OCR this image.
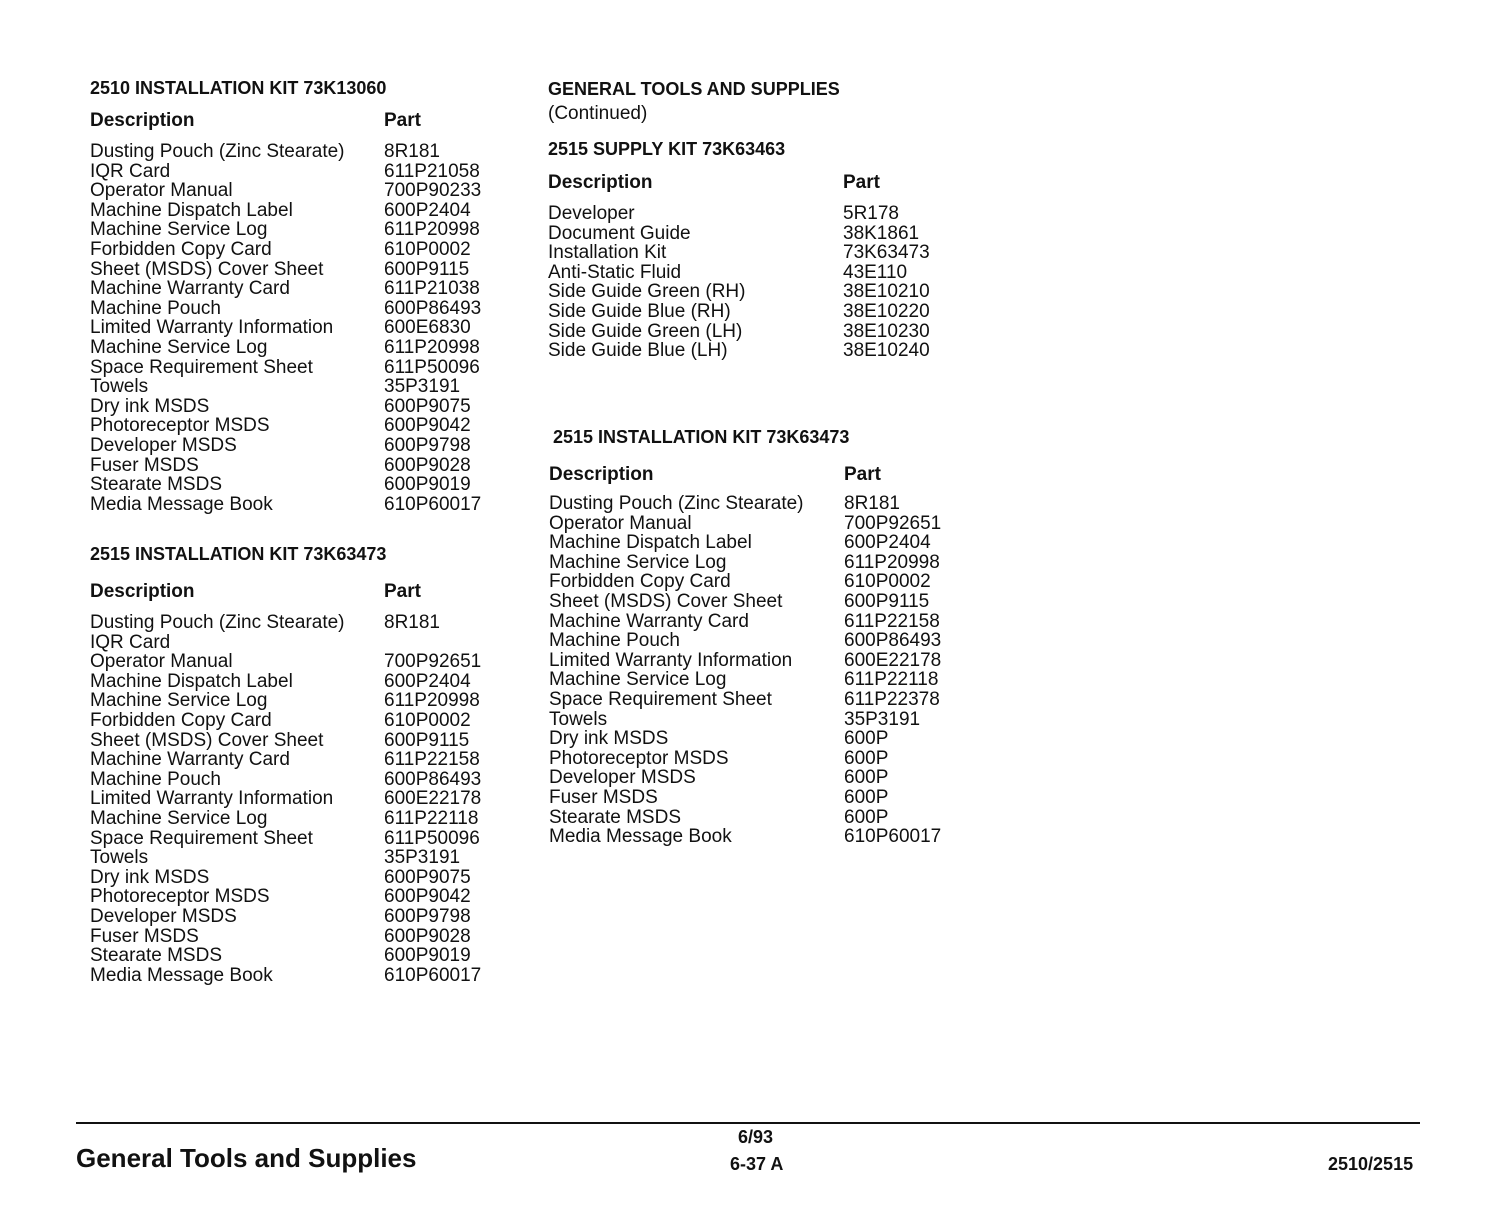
2510 INSTALLATION KIT 73K13060
Description	Part
Dusting Pouch (Zinc Stearate) 8R181
IQR Card	611P21058
Operator Manual	700P90233
Machine Dispatch Label	600P2404
Machine Service Log	611P20998
Forbidden Copy Card	610P0002
Sheet (MSDS) Cover Sheet	600P9115
Machine Warranty Card	611P21038
Machine Pouch	600P86493
Limited Warranty Information	600E6830
Machine Service Log	611P20998
Space Requirement Sheet	611P50096
Towels	35P3191
Dry ink MSDS	600P9075
Photoreceptor MSDS	600P9042
Developer MSDS	600P9798
Fuser MSDS	600P9028
Stearate MSDS	600P9019
Media Message Book	610P60017
2515 INSTALLATION KIT 73K63473
Description	Part
Dusting Pouch (Zinc Stearate) 8R181
IQR Card
Operator Manual	700P92651
Machine Dispatch Label	600P2404
Machine Service Log	611P20998
Forbidden Copy Card	610P0002
Sheet (MSDS) Cover Sheet	600P9115
Machine Warranty Card	611P22158
Machine Pouch	600P86493
Limited Warranty Information	600E22178
Machine Service Log	611P22118
Space Requirement Sheet	611P50096
Towels	35P3191
Dry ink MSDS	600P9075
Photoreceptor MSDS	600P9042
Developer MSDS	600P9798
Fuser MSDS	600P9028
Stearate MSDS	600P9019
Media Message Book	610P60017
GENERAL TOOLS AND SUPPLIES
(Continued)
2515 SUPPLY KIT 73K63463
Description	Part
Developer	5R178
Document Guide	38K1861
Installation Kit	73K63473
Anti-Static Fluid	43E110
Side Guide Green (RH)	38E10210
Side Guide Blue (RH)	38E10220
Side Guide Green (LH)	38E10230
Side Guide Blue (LH)	38E10240
2515 INSTALLATION KIT 73K63473
Description	Part
Dusting Pouch (Zinc Stearate) 8R181
Operator Manual	700P92651
Machine Dispatch Label	600P2404
Machine Service Log	611P20998
Forbidden Copy Card	610P0002
Sheet (MSDS) Cover Sheet	600P9115
Machine Warranty Card	611P22158
Machine Pouch	600P86493
Limited Warranty Information	600E22178
Machine Service Log	611P22118
Space Requirement Sheet	611P22378
Towels	35P3191
Dry ink MSDS	600P
Photoreceptor MSDS	600P
Developer MSDS	600P
Fuser MSDS	600P
Stearate MSDS	600P
Media Message Book	610P60017
General Tools and Supplies
6/93
6-37 A	2510/2515
